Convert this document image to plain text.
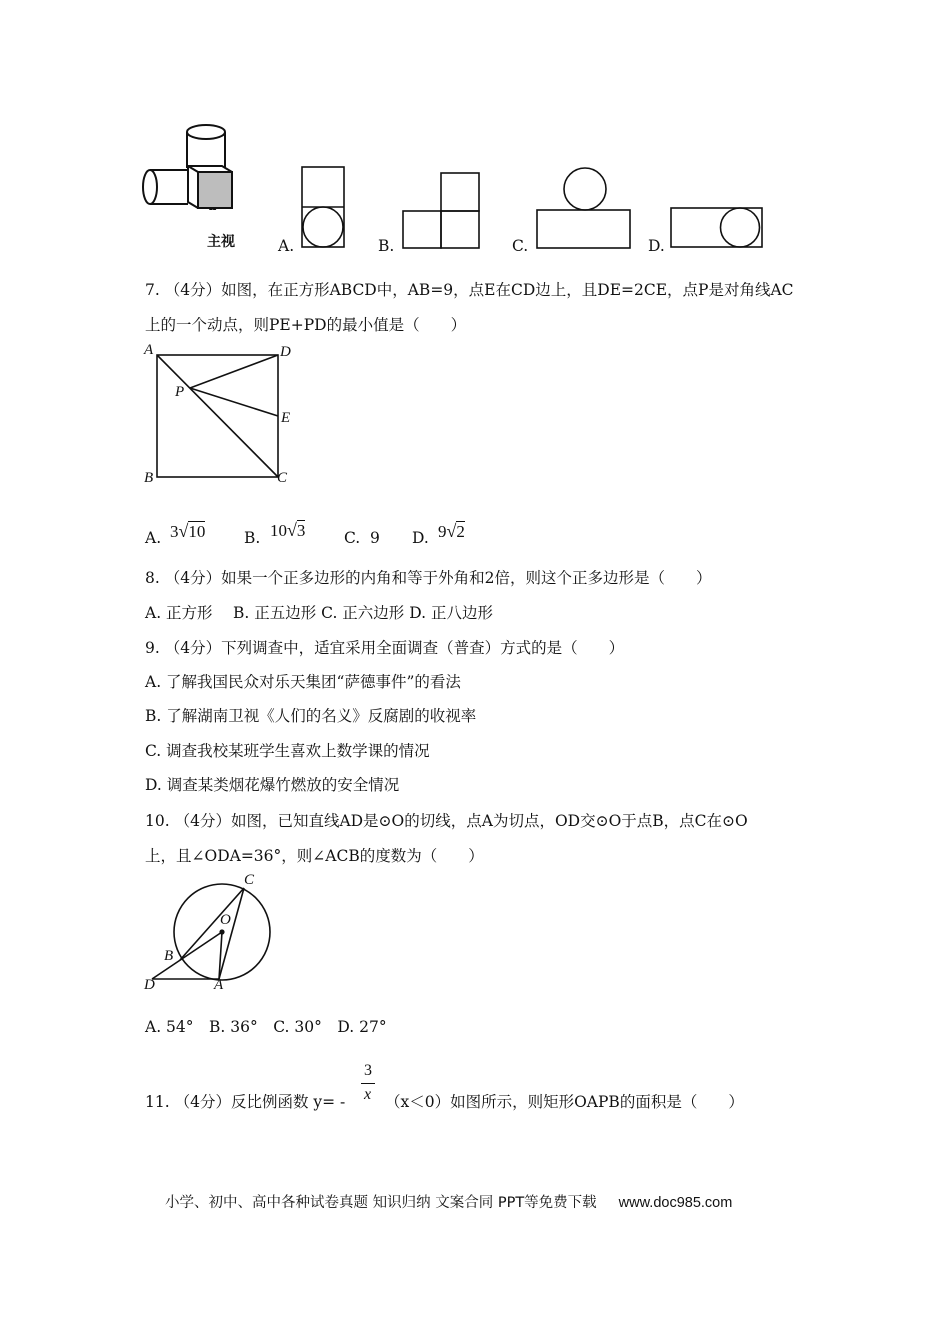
主视	A.	B.	C.	D.
7. （4分）如图，在正方形ABCD中，AB=9，点E在CD边上，且DE=2CE，点P是对角线AC
上的一个动点，则PE+PD的最小值是（　　）
A	D
P
E
B	C
A. 3√10 B. 10√3 C. 9 D. 9√2
8. （4分）如果一个正多边形的内角和等于外角和2倍，则这个正多边形是（　　）
A. 正方形　 B. 正五边形 C. 正六边形 D. 正八边形
9. （4分）下列调查中，适宜采用全面调查（普查）方式的是（　　）
A. 了解我国民众对乐天集团“萨德事件”的看法
B. 了解湖南卫视《人们的名义》反腐剧的收视率
C. 调查我校某班学生喜欢上数学课的情况
D. 调查某类烟花爆竹燃放的安全情况
10. （4分）如图，已知直线AD是⊙O的切线，点A为切点，OD交⊙O于点B，点C在⊙O
上，且∠ODA=36°，则∠ACB的度数为（　　）
C
O
B
D	A
A. 54°　B. 36°　C. 30°　D. 27°
3
x
11. （4分）反比例函数 y= -	（x＜0）如图所示，则矩形OAPB的面积是（　　）
小学、初中、高中各种试卷真题 知识归纳 文案合同 PPT等免费下载 www.doc985.com
